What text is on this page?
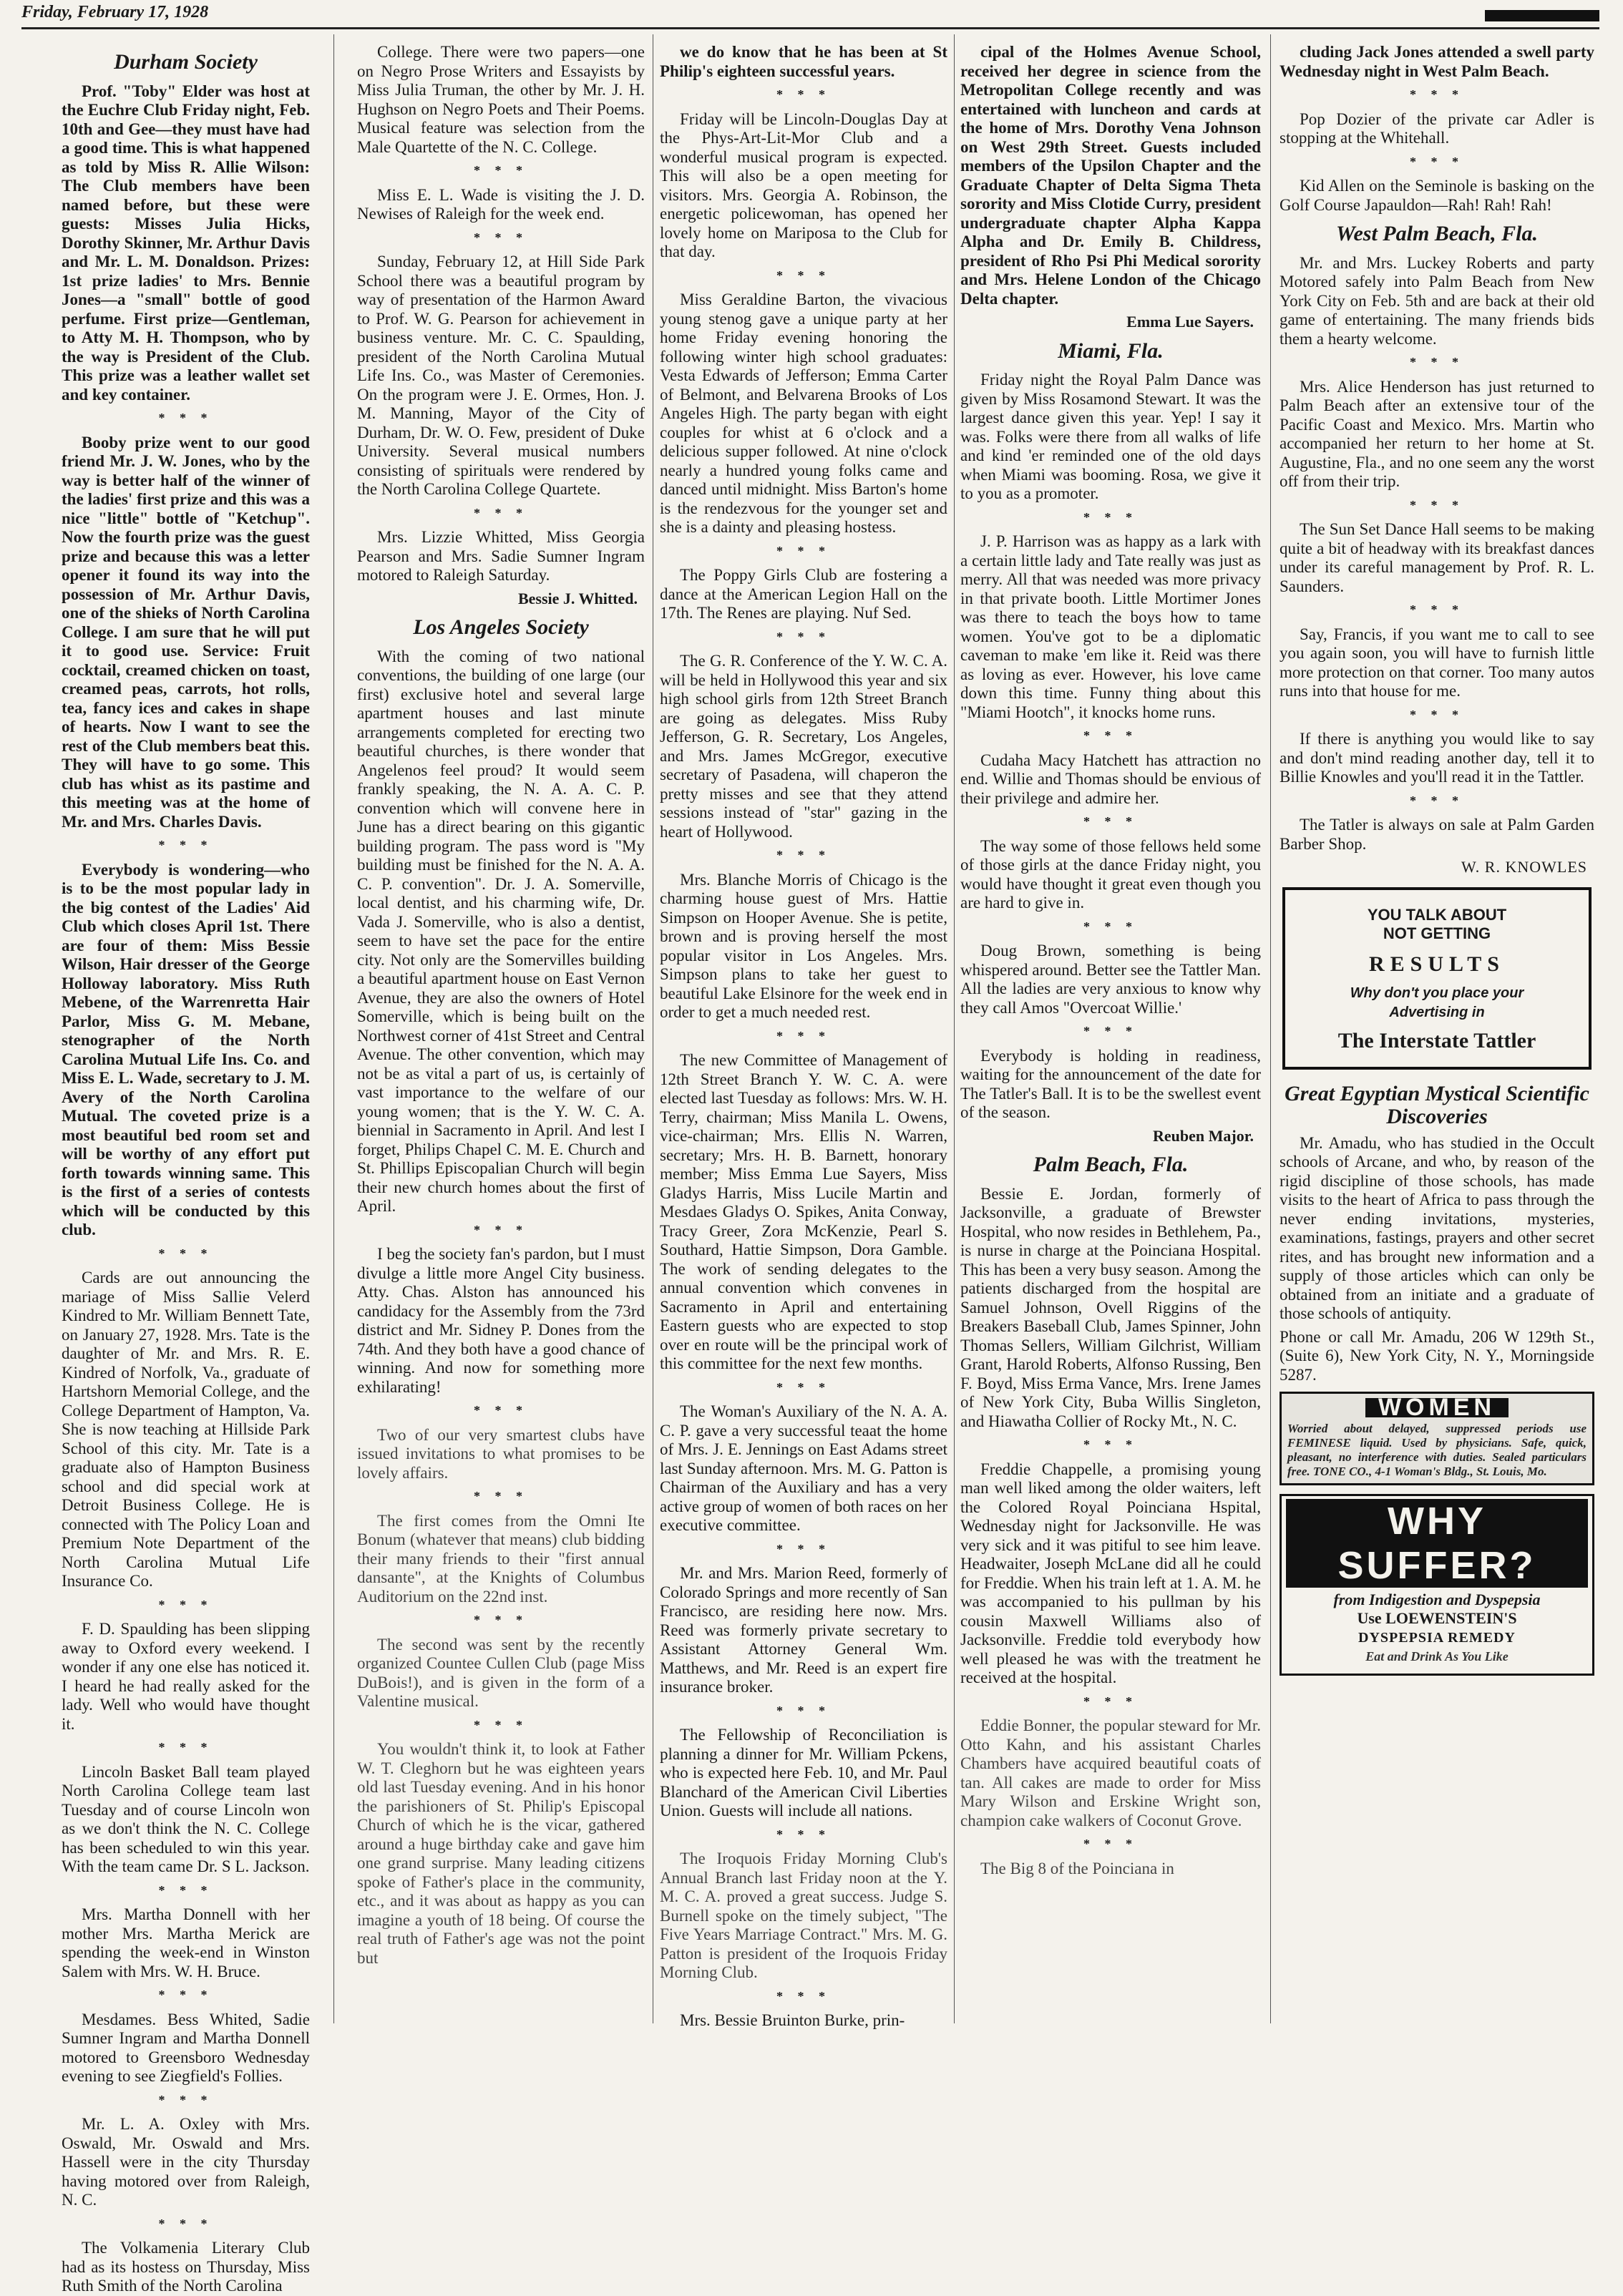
Friday, February 17, 1928
Durham Society

Prof. "Toby" Elder was host at the Euchre Club Friday night, Feb. 10th and Gee—they must have had a good time. This is what happened as told by Miss R. Allie Wilson: The Club members have been named before, but these were guests: Misses Julia Hicks, Dorothy Skinner, Mr. Arthur Davis and Mr. L. M. Donaldson. Prizes: 1st prize ladies' to Mrs. Bennie Jones—a "small" bottle of good perfume. First prize—Gentleman, to Atty M. H. Thompson, who by the way is President of the Club. This prize was a leather wallet set and key container.

* * *

Booby prize went to our good friend Mr. J. W. Jones, who by the way is better half of the winner of the ladies' first prize and this was a nice "little" bottle of "Ketchup". Now the fourth prize was the guest prize and because this was a letter opener it found its way into the possession of Mr. Arthur Davis, one of the shieks of North Carolina College. I am sure that he will put it to good use. Service: Fruit cocktail, creamed chicken on toast, creamed peas, carrots, hot rolls, tea, fancy ices and cakes in shape of hearts. Now I want to see the rest of the Club members beat this. They will have to go some. This club has whist as its pastime and this meeting was at the home of Mr. and Mrs. Charles Davis.

* * *

Everybody is wondering—who is to be the most popular lady in the big contest of the Ladies' Aid Club which closes April 1st. There are four of them: Miss Bessie Wilson, Hair dresser of the George Holloway laboratory. Miss Ruth Mebene, of the Warrenretta Hair Parlor, Miss G. M. Mebane, stenographer of the North Carolina Mutual Life Ins. Co. and Miss E. L. Wade, secretary to J. M. Avery of the North Carolina Mutual. The coveted prize is a most beautiful bed room set and will be worthy of any effort put forth towards winning same. This is the first of a series of contests which will be conducted by this club.

* * *

Cards are out announcing the mariage of Miss Sallie Velerd Kindred to Mr. William Bennett Tate, on January 27, 1928. Mrs. Tate is the daughter of Mr. and Mrs. R. E. Kindred of Norfolk, Va., graduate of Hartshorn Memorial College, and the College Department of Hampton, Va. She is now teaching at Hillside Park School of this city. Mr. Tate is a graduate also of Hampton Business school and did special work at Detroit Business College. He is connected with The Policy Loan and Premium Note Department of the North Carolina Mutual Life Insurance Co.

* * *

F. D. Spaulding has been slipping away to Oxford every weekend. I wonder if any one else has noticed it. I heard he had really asked for the lady. Well who would have thought it.

* * *

Lincoln Basket Ball team played North Carolina College team last Tuesday and of course Lincoln won as we don't think the N. C. College has been scheduled to win this year. With the team came Dr. S L. Jackson.

* * *

Mrs. Martha Donnell with her mother Mrs. Martha Merick are spending the week-end in Winston Salem with Mrs. W. H. Bruce.

* * *

Mesdames. Bess Whited, Sadie Sumner Ingram and Martha Donnell motored to Greensboro Wednesday evening to see Ziegfield's Follies.

* * *

Mr. L. A. Oxley with Mrs. Oswald, Mr. Oswald and Mrs. Hassell were in the city Thursday having motored over from Raleigh, N. C.

* * *

The Volkamenia Literary Club had as its hostess on Thursday, Miss Ruth Smith of the North Carolina

College. There were two papers—one on Negro Prose Writers and Essayists by Miss Julia Truman, the other by Mr. J. H. Hughson on Negro Poets and Their Poems. Musical feature was selection from the Male Quartette of the N. C. College.

* * *

Miss E. L. Wade is visiting the J. D. Newises of Raleigh for the week end.

* * *

Sunday, February 12, at Hill Side Park School there was a beautiful program by way of presentation of the Harmon Award to Prof. W. G. Pearson for achievement in business venture. Mr. C. C. Spaulding, president of the North Carolina Mutual Life Ins. Co., was Master of Ceremonies. On the program were J. E. Ormes, Hon. J. M. Manning, Mayor of the City of Durham, Dr. W. O. Few, president of Duke University. Several musical numbers consisting of spirituals were rendered by the North Carolina College Quartete.

* * *

Mrs. Lizzie Whitted, Miss Georgia Pearson and Mrs. Sadie Sumner Ingram motored to Raleigh Saturday.

Bessie J. Whitted.
Los Angeles Society

With the coming of two national conventions, the building of one large (our first) exclusive hotel and several large apartment houses and last minute arrangements completed for erecting two beautiful churches, is there wonder that Angelenos feel proud? It would seem frankly speaking, the N. A. A. C. P. convention which will convene here in June has a direct bearing on this gigantic building program. The pass word is "My building must be finished for the N. A. A. C. P. convention". Dr. J. A. Somerville, local dentist, and his charming wife, Dr. Vada J. Somerville, who is also a dentist, seem to have set the pace for the entire city. Not only are the Somervilles building a beautiful apartment house on East Vernon Avenue, they are also the owners of Hotel Somerville, which is being built on the Northwest corner of 41st Street and Central Avenue. The other convention, which may not be as vital a part of us, is certainly of vast importance to the welfare of our young women; that is the Y. W. C. A. biennial in Sacramento in April. And lest I forget, Philips Chapel C. M. E. Church and St. Phillips Episcopalian Church will begin their new church homes about the first of April.

* * *

I beg the society fan's pardon, but I must divulge a little more Angel City business. Atty. Chas. Alston has announced his candidacy for the Assembly from the 73rd district and Mr. Sidney P. Dones from the 74th. And they both have a good chance of winning. And now for something more exhilarating!

* * *

Two of our very smartest clubs have issued invitations to what promises to be lovely affairs.

* * *

The first comes from the Omni Ite Bonum (whatever that means) club bidding their many friends to their "first annual dansante", at the Knights of Columbus Auditorium on the 22nd inst.

* * *

The second was sent by the recently organized Countee Cullen Club (page Miss DuBois!), and is given in the form of a Valentine musical.

* * *

You wouldn't think it, to look at Father W. T. Cleghorn but he was eighteen years old last Tuesday evening. And in his honor the parishioners of St. Philip's Episcopal Church of which he is the vicar, gathered around a huge birthday cake and gave him one grand surprise. Many leading citizens spoke of Father's place in the community, etc., and it was about as happy as you can imagine a youth of 18 being. Of course the real truth of Father's age was not the point but

we do know that he has been at St Philip's eighteen successful years.

* * *

Friday will be Lincoln-Douglas Day at the Phys-Art-Lit-Mor Club and a wonderful musical program is expected. This will also be a open meeting for visitors. Mrs. Georgia A. Robinson, the energetic policewoman, has opened her lovely home on Mariposa to the Club for that day.

* * *

Miss Geraldine Barton, the vivacious young stenog gave a unique party at her home Friday evening honoring the following winter high school graduates: Vesta Edwards of Jefferson; Emma Carter of Belmont, and Belvarena Brooks of Los Angeles High. The party began with eight couples for whist at 6 o'clock and a delicious supper followed. At nine o'clock nearly a hundred young folks came and danced until midnight. Miss Barton's home is the rendezvous for the younger set and she is a dainty and pleasing hostess.

* * *

The Poppy Girls Club are fostering a dance at the American Legion Hall on the 17th. The Renes are playing. Nuf Sed.

* * *

The G. R. Conference of the Y. W. C. A. will be held in Hollywood this year and six high school girls from 12th Street Branch are going as delegates. Miss Ruby Jefferson, G. R. Secretary, Los Angeles, and Mrs. James McGregor, executive secretary of Pasadena, will chaperon the pretty misses and see that they attend sessions instead of "star" gazing in the heart of Hollywood.

* * *

Mrs. Blanche Morris of Chicago is the charming house guest of Mrs. Hattie Simpson on Hooper Avenue. She is petite, brown and is proving herself the most popular visitor in Los Angeles. Mrs. Simpson plans to take her guest to beautiful Lake Elsinore for the week end in order to get a much needed rest.

* * *

The new Committee of Management of 12th Street Branch Y. W. C. A. were elected last Tuesday as follows: Mrs. W. H. Terry, chairman; Miss Manila L. Owens, vice-chairman; Mrs. Ellis N. Warren, secretary; Mrs. H. B. Barnett, honorary member; Miss Emma Lue Sayers, Miss Gladys Harris, Miss Lucile Martin and Mesdaes Gladys O. Spikes, Anita Conway, Tracy Greer, Zora McKenzie, Pearl S. Southard, Hattie Simpson, Dora Gamble. The work of sending delegates to the annual convention which convenes in Sacramento in April and entertaining Eastern guests who are expected to stop over en route will be the principal work of this committee for the next few months.

* * *

The Woman's Auxiliary of the N. A. A. C. P. gave a very successful teaat the home of Mrs. J. E. Jennings on East Adams street last Sunday afternoon. Mrs. M. G. Patton is Chairman of the Auxiliary and has a very active group of women of both races on her executive committee.

* * *

Mr. and Mrs. Marion Reed, formerly of Colorado Springs and more recently of San Francisco, are residing here now. Mrs. Reed was formerly private secretary to Assistant Attorney General Wm. Matthews, and Mr. Reed is an expert fire insurance broker.

* * *

The Fellowship of Reconciliation is planning a dinner for Mr. William Pckens, who is expected here Feb. 10, and Mr. Paul Blanchard of the American Civil Liberties Union. Guests will include all nations.

* * *

The Iroquois Friday Morning Club's Annual Branch last Friday noon at the Y. M. C. A. proved a great success. Judge S. Burnell spoke on the timely subject, "The Five Years Marriage Contract." Mrs. M. G. Patton is president of the Iroquois Friday Morning Club.

* * *

Mrs. Bessie Bruinton Burke, prin-

cipal of the Holmes Avenue School, received her degree in science from the Metropolitan College recently and was entertained with luncheon and cards at the home of Mrs. Dorothy Vena Johnson on West 29th Street. Guests included members of the Upsilon Chapter and the Graduate Chapter of Delta Sigma Theta sorority and Miss Clotide Curry, president undergraduate chapter Alpha Kappa Alpha and Dr. Emily B. Childress, president of Rho Psi Phi Medical sorority and Mrs. Helene London of the Chicago Delta chapter.

Emma Lue Sayers.
Miami, Fla.

Friday night the Royal Palm Dance was given by Miss Rosamond Stewart. It was the largest dance given this year. Yep! I say it was. Folks were there from all walks of life and kind 'er reminded one of the old days when Miami was booming. Rosa, we give it to you as a promoter.

* * *

J. P. Harrison was as happy as a lark with a certain little lady and Tate really was just as merry. All that was needed was more privacy in that private booth. Little Mortimer Jones was there to teach the boys how to tame women. You've got to be a diplomatic caveman to make 'em like it. Reid was there as loving as ever. However, his love came down this time. Funny thing about this "Miami Hootch", it knocks home runs.

* * *

Cudaha Macy Hatchett has attraction no end. Willie and Thomas should be envious of their privilege and admire her.

* * *

The way some of those fellows held some of those girls at the dance Friday night, you would have thought it great even though you are hard to give in.

* * *

Doug Brown, something is being whispered around. Better see the Tattler Man. All the ladies are very anxious to know why they call Amos "Overcoat Willie.'

* * *

Everybody is holding in readiness, waiting for the announcement of the date for The Tatler's Ball. It is to be the swellest event of the season.

Reuben Major.
Palm Beach, Fla.

Bessie E. Jordan, formerly of Jacksonville, a graduate of Brewster Hospital, who now resides in Bethlehem, Pa., is nurse in charge at the Poinciana Hospital. This has been a very busy season. Among the patients discharged from the hospital are Samuel Johnson, Ovell Riggins of the Breakers Baseball Club, James Spinner, John Thomas Sellers, William Gilchrist, William Grant, Harold Roberts, Alfonso Russing, Ben F. Boyd, Miss Erma Vance, Mrs. Irene James of New York City, Buba Willis Singleton, and Hiawatha Collier of Rocky Mt., N. C.

* * *

Freddie Chappelle, a promising young man well liked among the older waiters, left the Colored Royal Poinciana Hspital, Wednesday night for Jacksonville. He was very sick and it was pitiful to see him leave. Headwaiter, Joseph McLane did all he could for Freddie. When his train left at 1. A. M. he was accompanied to his pullman by his cousin Maxwell Williams also of Jacksonville. Freddie told everybody how well pleased he was with the treatment he received at the hospital.

* * *

Eddie Bonner, the popular steward for Mr. Otto Kahn, and his assistant Charles Chambers have acquired beautiful coats of tan. All cakes are made to order for Miss Mary Wilson and Erskine Wright son, champion cake walkers of Coconut Grove.

* * *

The Big 8 of the Poinciana in

cluding Jack Jones attended a swell party Wednesday night in West Palm Beach.

* * *

Pop Dozier of the private car Adler is stopping at the Whitehall.

* * *

Kid Allen on the Seminole is basking on the Golf Course Japauldon—Rah! Rah! Rah!

West Palm Beach, Fla.

Mr. and Mrs. Luckey Roberts and party Motored safely into Palm Beach from New York City on Feb. 5th and are back at their old game of entertaining. The many friends bids them a hearty welcome.

* * *

Mrs. Alice Henderson has just returned to Palm Beach after an extensive tour of the Pacific Coast and Mexico. Mrs. Martin who accompanied her return to her home at St. Augustine, Fla., and no one seem any the worst off from their trip.

* * *

The Sun Set Dance Hall seems to be making quite a bit of headway with its breakfast dances under its careful management by Prof. R. L. Saunders.

* * *

Say, Francis, if you want me to call to see you again soon, you will have to furnish little more protection on that corner. Too many autos runs into that house for me.

* * *

If there is anything you would like to say and don't mind reading another day, tell it to Billie Knowles and you'll read it in the Tattler.

* * *

The Tatler is always on sale at Palm Garden Barber Shop.

W. R. KNOWLES
YOU TALK ABOUT
NOT GETTING
RESULTS
Why don't you place your
Advertising in
The Interstate Tattler
Great Egyptian Mystical Scientific Discoveries

Mr. Amadu, who has studied in the Occult schools of Arcane, and who, by reason of the rigid discipline of those schools, has made visits to the heart of Africa to pass through the never ending invitations, mysteries, examinations, fastings, prayers and other secret rites, and has brought new information and a supply of those articles which can only be obtained from an initiate and a graduate of those schools of antiquity.

Phone or call Mr. Amadu, 206 W 129th St., (Suite 6), New York City, N. Y., Morningside 5287.

WOMEN
Worried about delayed, suppressed periods use FEMINESE liquid. Used by physicians. Safe, quick, pleasant, no interference with duties. Sealed particulars free. TONE CO., 4-1 Woman's Bldg., St. Louis, Mo.
WHY SUFFER?
from Indigestion and Dyspepsia
Use LOEWENSTEIN'S
DYSPEPSIA REMEDY
Eat and Drink As You Like
